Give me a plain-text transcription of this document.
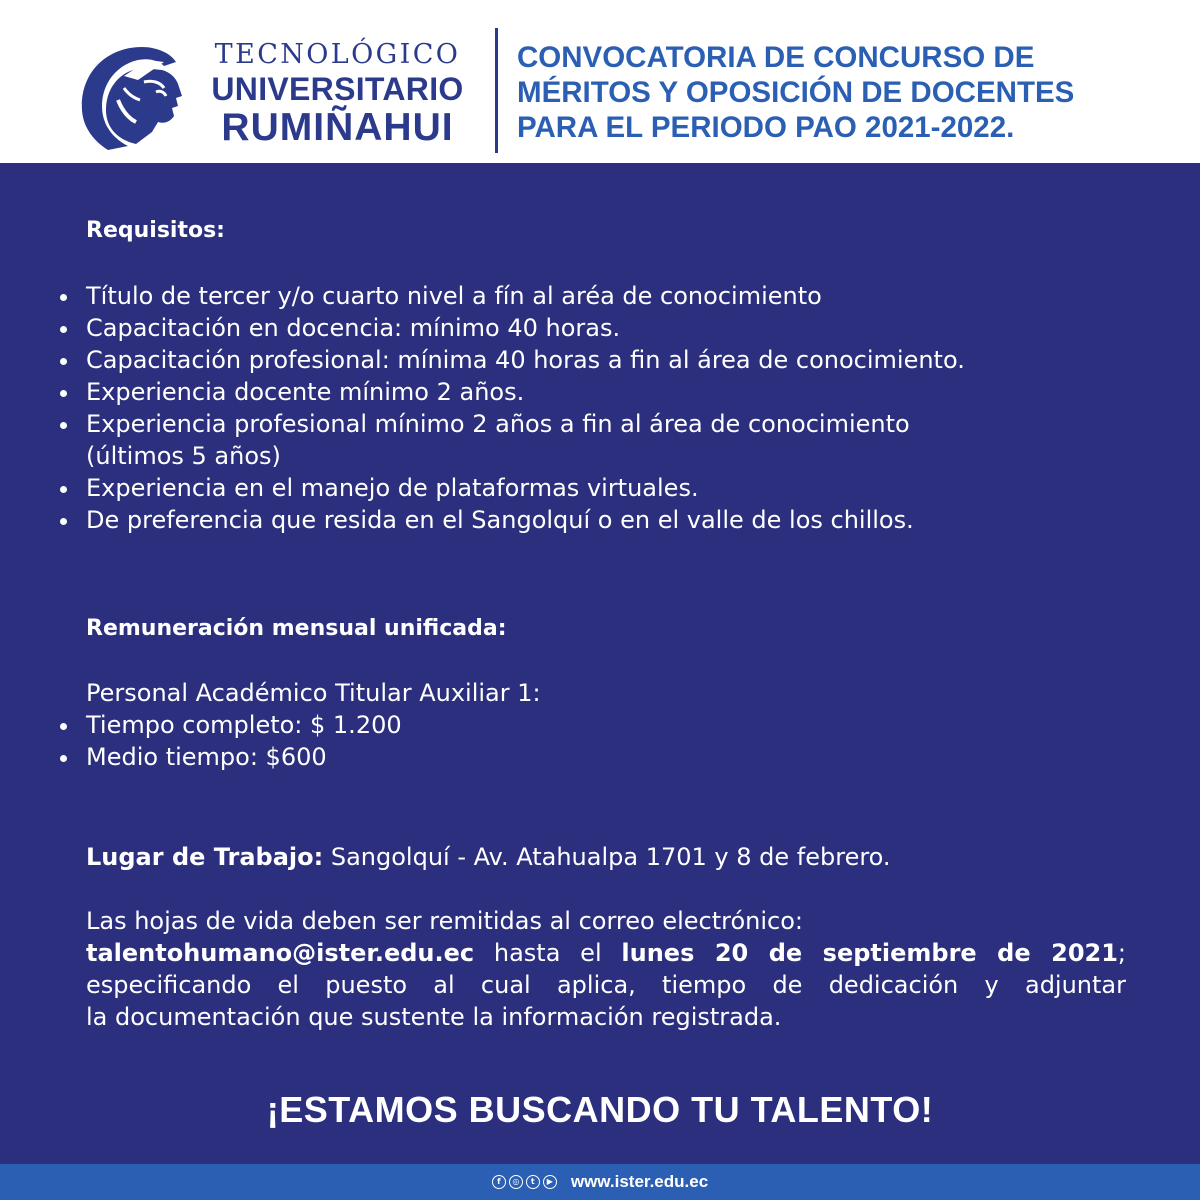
TECNOLÓGICO
UNIVERSITARIO
RUMIÑAHUI
CONVOCATORIA DE CONCURSO DE
MÉRITOS Y OPOSICIÓN DE DOCENTES
PARA EL PERIODO PAO 2021-2022.
Requisitos:
Título de tercer y/o cuarto nivel a fín al aréa de conocimiento
Capacitación en docencia: mínimo 40 horas.
Capacitación profesional: mínima 40 horas a fin al área de conocimiento.
Experiencia docente mínimo 2 años.
Experiencia profesional mínimo 2 años a fin al área de conocimiento
(últimos 5 años)
Experiencia en el manejo de plataformas virtuales.
De preferencia que resida en el Sangolquí o en el valle de los chillos.
Remuneración mensual unificada:
Personal Académico Titular Auxiliar 1:
Tiempo completo: $ 1.200
Medio tiempo: $600
Lugar de Trabajo: Sangolquí - Av. Atahualpa 1701 y 8 de febrero.
Las hojas de vida deben ser remitidas al correo electrónico:
talentohumano@ister.edu.ec hasta el lunes 20 de septiembre de 2021;
especificando el puesto al cual aplica, tiempo de dedicación y adjuntar
la documentación que sustente la información registrada.
¡ESTAMOS BUSCANDO TU TALENTO!
f	◎	t	▶ www.ister.edu.ec
